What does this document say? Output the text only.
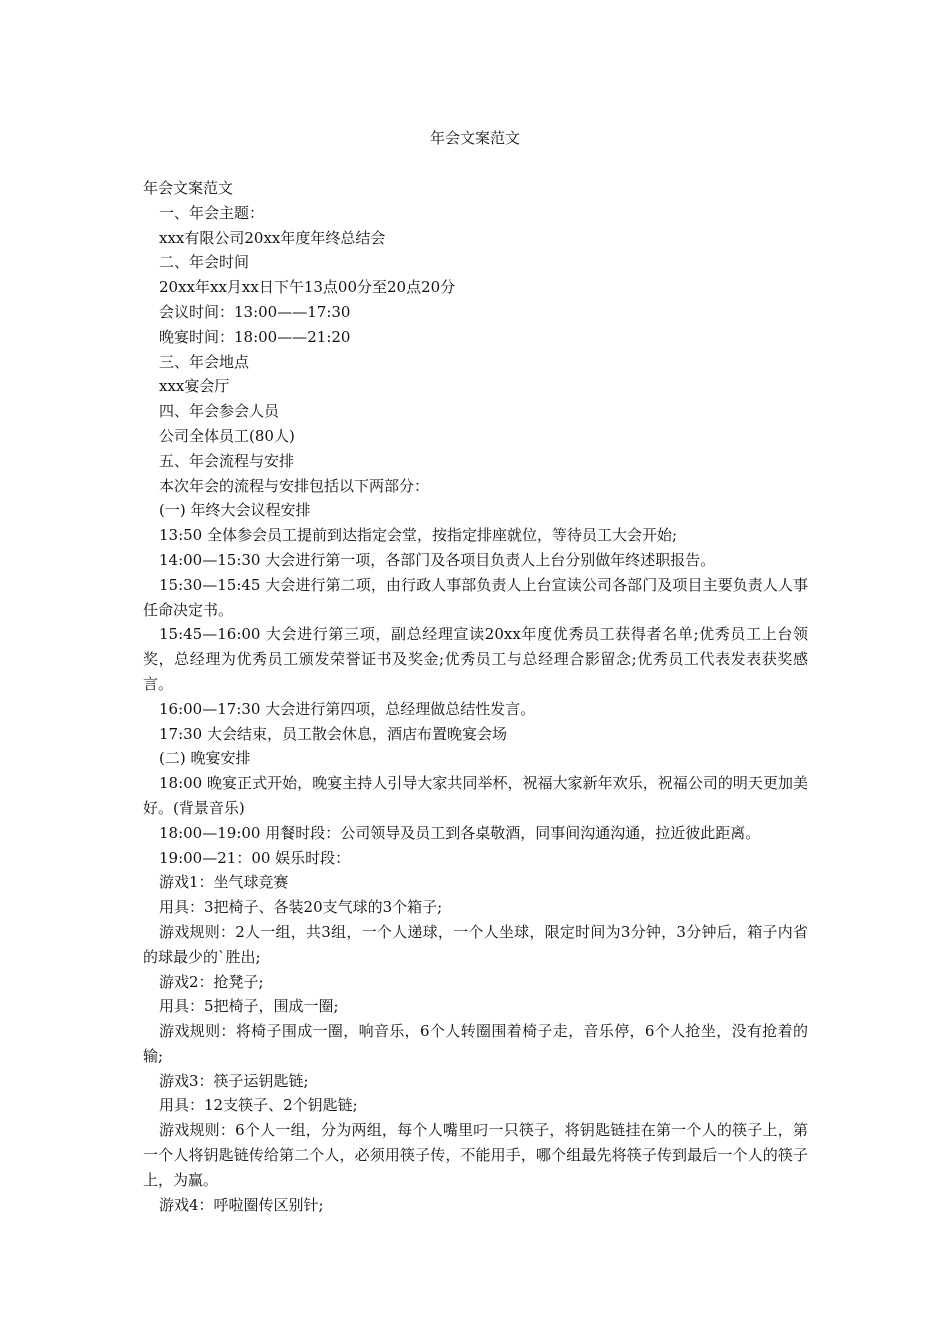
年会文案范文
年会文案范文

一、年会主题：

xxx有限公司20xx年度年终总结会

二、年会时间

20xx年xx月xx日下午13点00分至20点20分

会议时间：13:00——17:30

晚宴时间：18:00——21:20

三、年会地点

xxx宴会厅

四、年会参会人员

公司全体员工(80人)

五、年会流程与安排

本次年会的流程与安排包括以下两部分：

(一) 年终大会议程安排

13:50 全体参会员工提前到达指定会堂，按指定排座就位，等待员工大会开始;

14:00—15:30 大会进行第一项，各部门及各项目负责人上台分别做年终述职报告。

15:30—15:45 大会进行第二项，由行政人事部负责人上台宣读公司各部门及项目主要负责人人事任命决定书。

15:45—16:00 大会进行第三项，副总经理宣读20xx年度优秀员工获得者名单;优秀员工上台领奖，总经理为优秀员工颁发荣誉证书及奖金;优秀员工与总经理合影留念;优秀员工代表发表获奖感言。

16:00—17:30 大会进行第四项，总经理做总结性发言。

17:30 大会结束，员工散会休息，酒店布置晚宴会场

(二) 晚宴安排

18:00 晚宴正式开始，晚宴主持人引导大家共同举杯，祝福大家新年欢乐，祝福公司的明天更加美好。(背景音乐)

18:00—19:00 用餐时段：公司领导及员工到各桌敬酒，同事间沟通沟通，拉近彼此距离。

19:00—21：00 娱乐时段：

游戏1：坐气球竞赛

用具：3把椅子、各装20支气球的3个箱子;

游戏规则：2人一组，共3组，一个人递球，一个人坐球，限定时间为3分钟，3分钟后，箱子内省的球最少的`胜出;

游戏2：抢凳子;

用具：5把椅子，围成一圈;

游戏规则：将椅子围成一圈，响音乐，6个人转圈围着椅子走，音乐停，6个人抢坐，没有抢着的输;

游戏3：筷子运钥匙链;

用具：12支筷子、2个钥匙链;

游戏规则：6个人一组，分为两组，每个人嘴里叼一只筷子，将钥匙链挂在第一个人的筷子上，第一个人将钥匙链传给第二个人，必须用筷子传，不能用手，哪个组最先将筷子传到最后一个人的筷子上，为赢。

游戏4：呼啦圈传区别针;
